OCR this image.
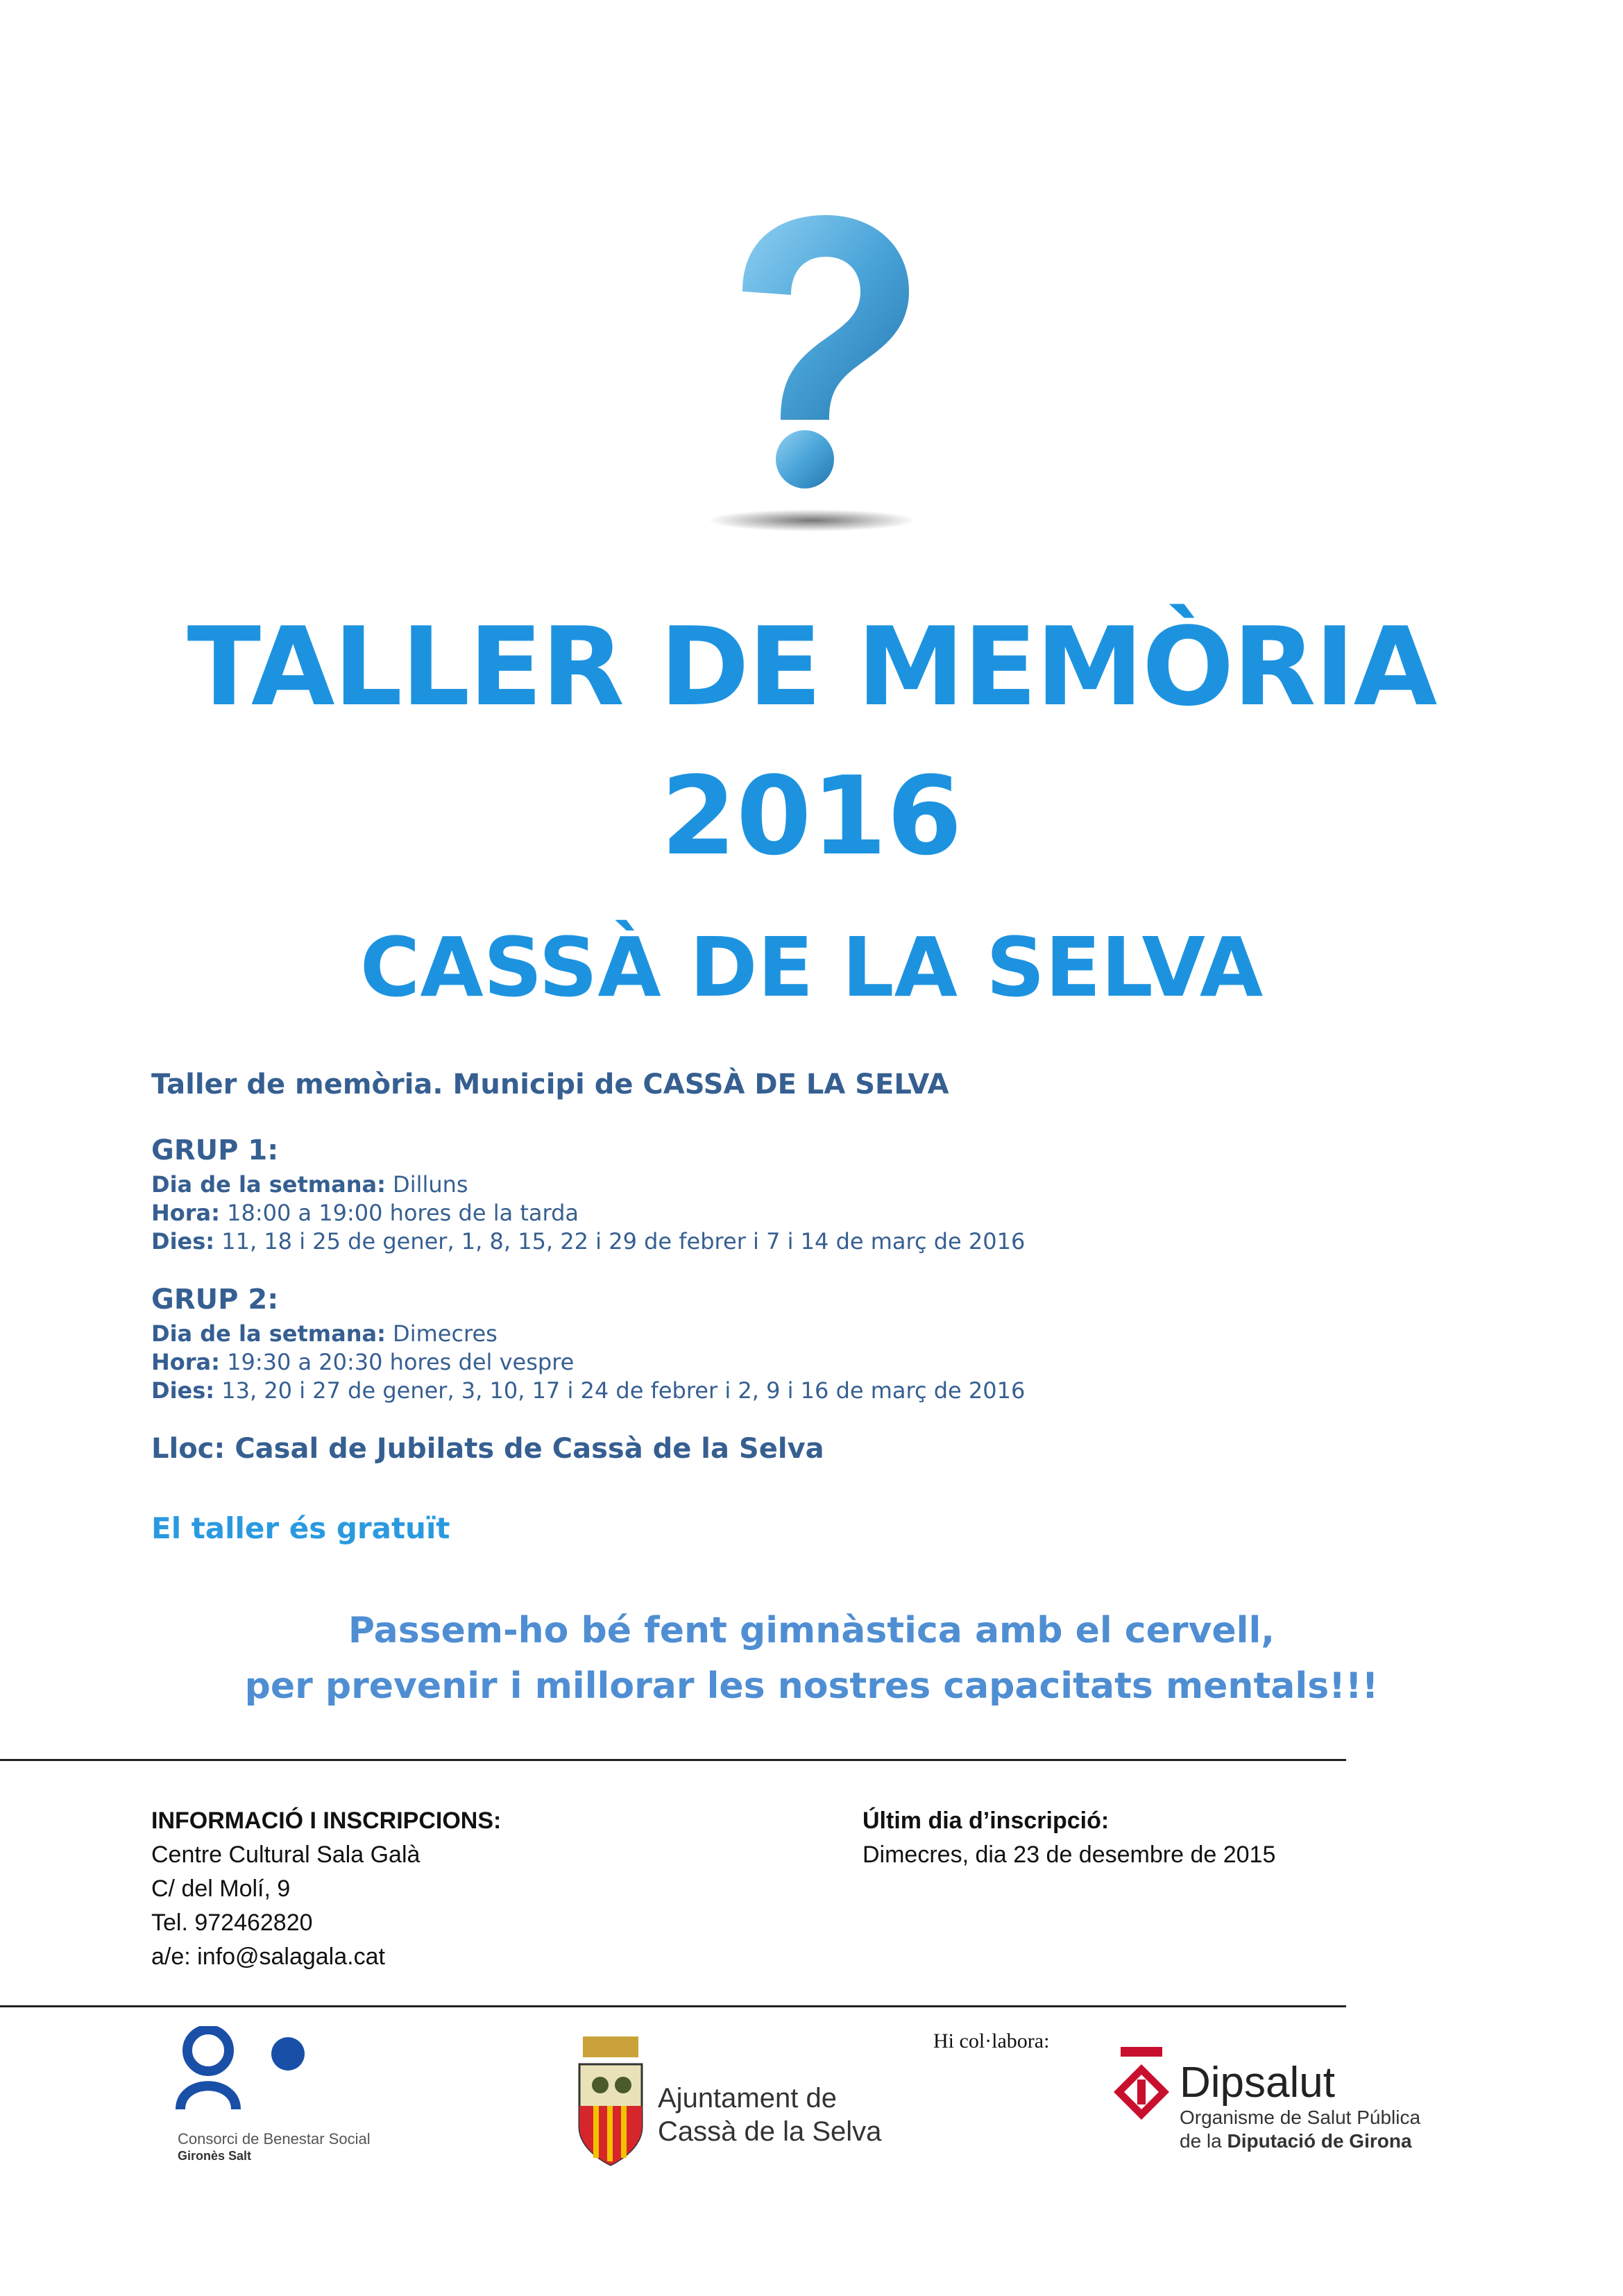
TALLER DE MEMÒRIA
2016
CASSÀ DE LA SELVA
Taller de memòria. Municipi de CASSÀ DE LA SELVA
GRUP 1:

Dia de la setmana: Dilluns

Hora: 18:00 a 19:00 hores de la tarda

Dies: 11, 18 i 25 de gener, 1, 8, 15, 22 i 29 de febrer i 7 i 14 de març de 2016

GRUP 2:

Dia de la setmana: Dimecres

Hora: 19:30 a 20:30 hores del vespre

Dies: 13, 20 i 27 de gener, 3, 10, 17 i 24 de febrer i 2, 9 i 16 de març de 2016

Lloc: Casal de Jubilats de Cassà de la Selva
El taller és gratuït
Passem-ho bé fent gimnàstica amb el cervell,
per prevenir i millorar les nostres capacitats mentals!!!
INFORMACIÓ I INSCRIPCIONS:
Centre Cultural Sala Galà
C/ del Molí, 9
Tel. 972462820
a/e: info@salagala.cat
Últim dia d’inscripció:
Dimecres, dia 23 de desembre de 2015
Consorci de Benestar Social
Gironès Salt
Ajuntament de
Cassà de la Selva
Hi col·labora:
Dipsalut
Organisme de Salut Pública
de la Diputació de Girona
